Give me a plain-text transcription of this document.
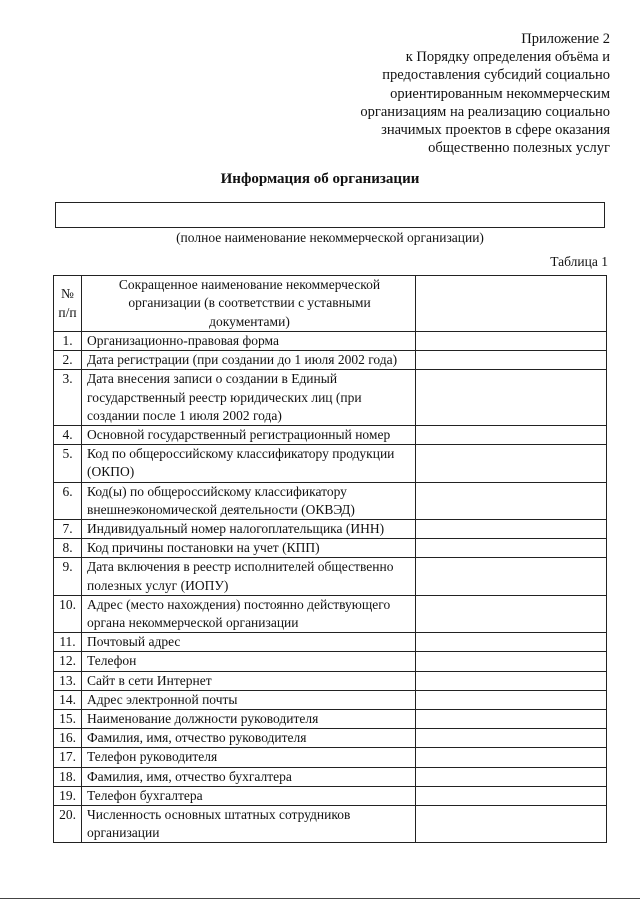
Приложение 2
к Порядку определения объёма и
предоставления субсидий социально
ориентированным некоммерческим
организациям на реализацию социально
значимых проектов в сфере оказания
общественно полезных услуг
Информация об организации
(полное наименование некоммерческой организации)
Таблица 1
№ п/п	Сокращенное наименование некоммерческой организации (в соответствии с уставными документами)	
1.	Организационно-правовая форма	
2.	Дата регистрации (при создании до 1 июля 2002 года)	
3.	Дата внесения записи о создании в Единый государственный реестр юридических лиц (при создании после 1 июля 2002 года)	
4.	Основной государственный регистрационный номер	
5.	Код по общероссийскому классификатору продукции (ОКПО)	
6.	Код(ы) по общероссийскому классификатору внешнеэкономической деятельности (ОКВЭД)	
7.	Индивидуальный номер налогоплательщика (ИНН)	
8.	Код причины постановки на учет (КПП)	
9.	Дата включения в реестр исполнителей общественно полезных услуг (ИОПУ)	
10.	Адрес (место нахождения) постоянно действующего органа некоммерческой организации	
11.	Почтовый адрес	
12.	Телефон	
13.	Сайт в сети Интернет	
14.	Адрес электронной почты	
15.	Наименование должности руководителя	
16.	Фамилия, имя, отчество руководителя	
17.	Телефон руководителя	
18.	Фамилия, имя, отчество бухгалтера	
19.	Телефон бухгалтера	
20.	Численность основных штатных сотрудников организации	
